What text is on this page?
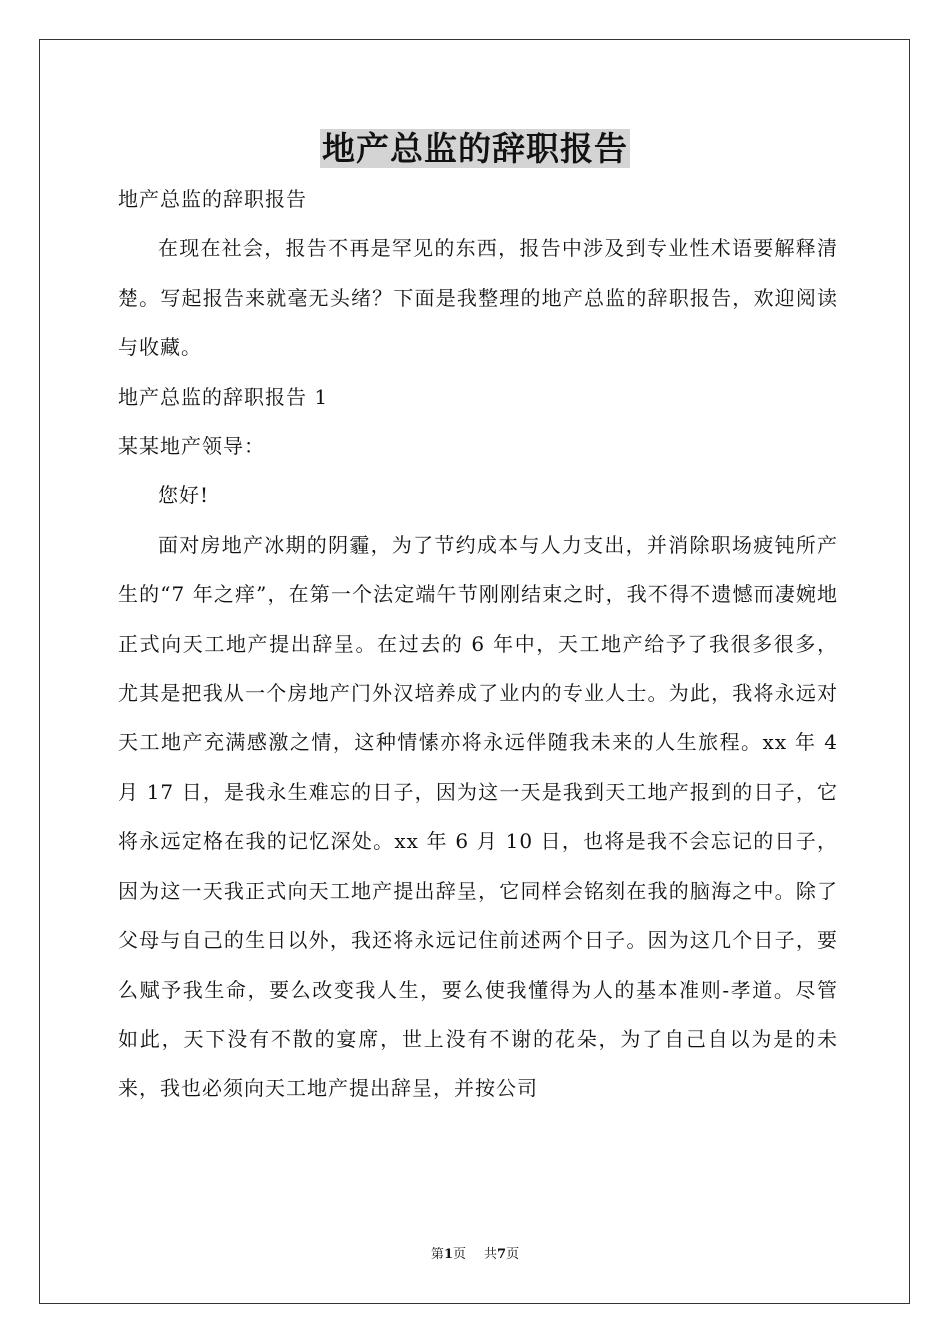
地产总监的辞职报告

地产总监的辞职报告

在现在社会，报告不再是罕见的东西，报告中涉及到专业性术语要解释清楚。写起报告来就毫无头绪？下面是我整理的地产总监的辞职报告，欢迎阅读与收藏。

地产总监的辞职报告 1

某某地产领导：

您好!

面对房地产冰期的阴霾，为了节约成本与人力支出，并消除职场疲钝所产生的“7 年之痒”，在第一个法定端午节刚刚结束之时，我不得不遗憾而凄婉地正式向天工地产提出辞呈。在过去的 6 年中，天工地产给予了我很多很多，尤其是把我从一个房地产门外汉培养成了业内的专业人士。为此，我将永远对天工地产充满感激之情，这种情愫亦将永远伴随我未来的人生旅程。xx 年 4 月 17 日，是我永生难忘的日子，因为这一天是我到天工地产报到的日子，它将永远定格在我的记忆深处。xx 年 6 月 10 日，也将是我不会忘记的日子，因为这一天我正式向天工地产提出辞呈，它同样会铭刻在我的脑海之中。除了父母与自己的生日以外，我还将永远记住前述两个日子。因为这几个日子，要么赋予我生命，要么改变我人生，要么使我懂得为人的基本准则-孝道。尽管如此，天下没有不散的宴席，世上没有不谢的花朵，为了自己自以为是的未来，我也必须向天工地产提出辞呈，并按公司

第1页 共7页
